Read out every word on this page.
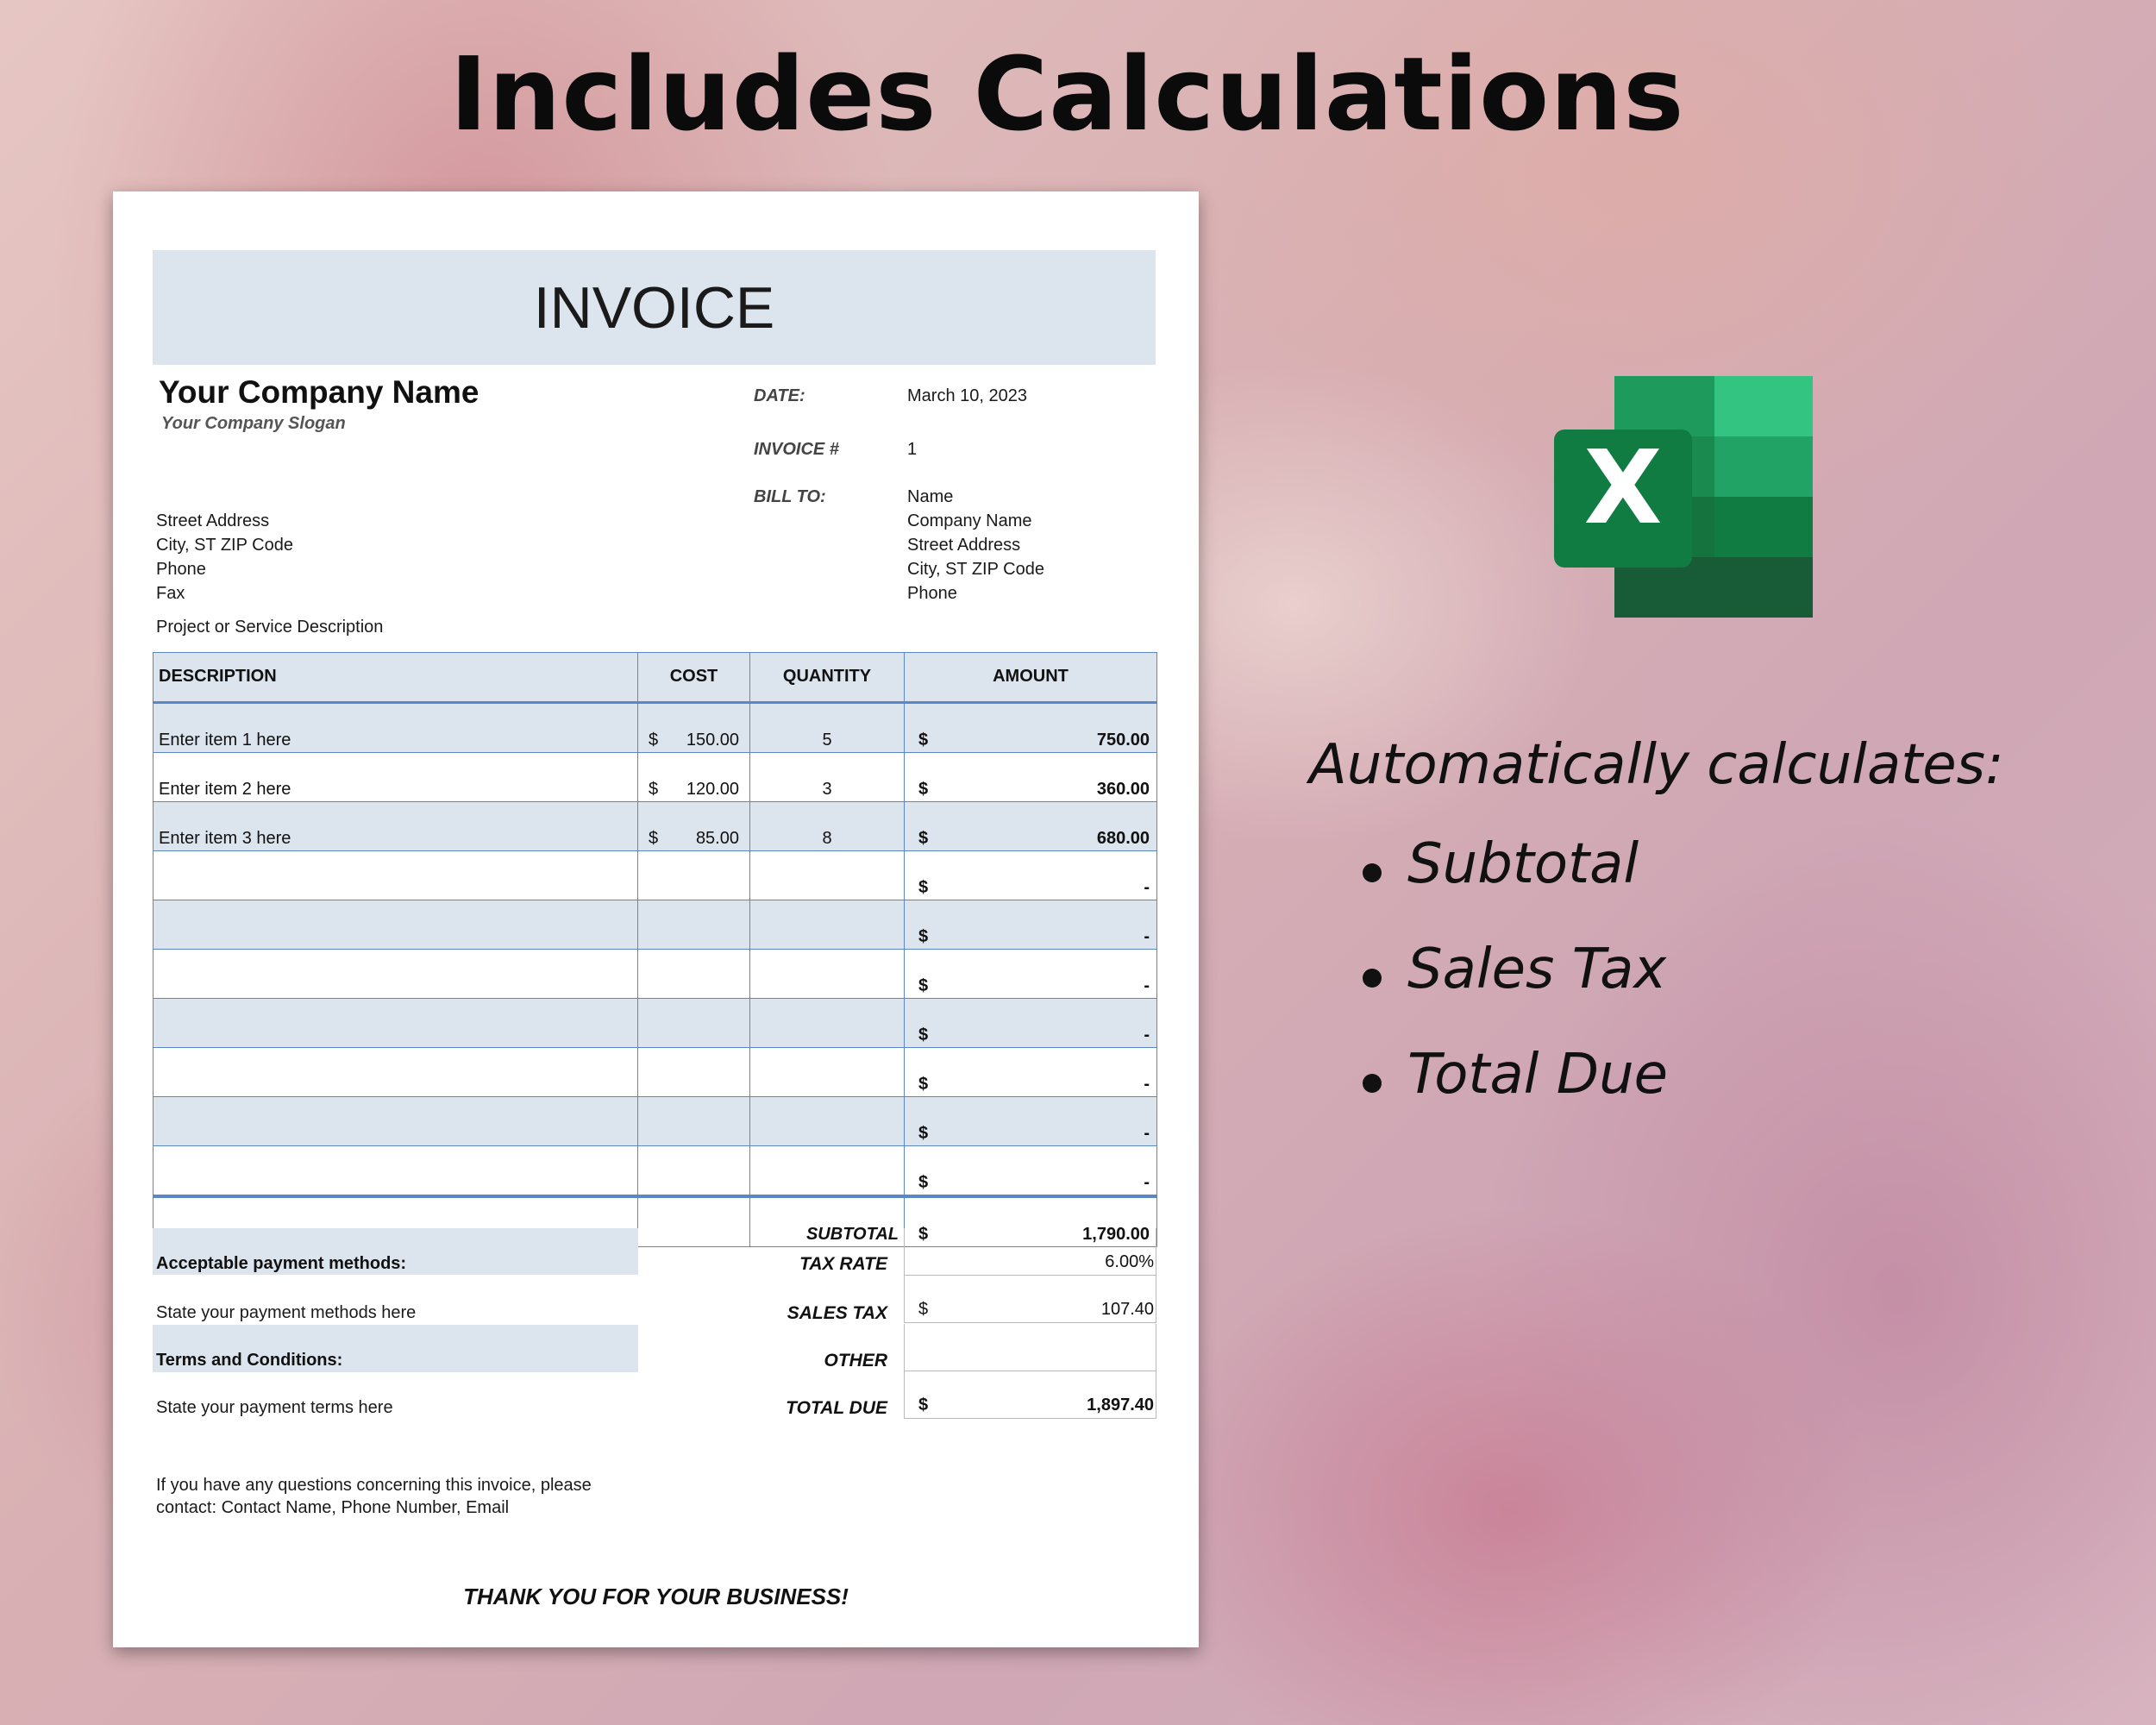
Includes Calculations
INVOICE
Your Company Name
Your Company Slogan
DATE:	March 10, 2023
INVOICE #	1
BILL TO:	Name
Company Name
Street Address
City, ST ZIP Code
Phone
Street Address
City, ST ZIP Code
Phone
Fax
Project or Service Description
DESCRIPTION	COST	QUANTITY	AMOUNT
Enter item 1 here	$ 150.00	5	$ 750.00

Enter item 2 here	$ 120.00	3	$ 360.00

Enter item 3 here	$ 85.00	8	$ 680.00

			$ -

			$ -

			$ -

			$ -

			$ -

			$ -

			$ -

		SUBTOTAL	$ 1,790.00
Acceptable payment methods:
State your payment methods here
Terms and Conditions:
State your payment terms here
TAX RATE	6.00%
SALES TAX $	107.40
OTHER
TOTAL DUE $	1,897.40
If you have any questions concerning this invoice, please
contact: Contact Name, Phone Number, Email
THANK YOU FOR YOUR BUSINESS!
X
Automatically calculates:
Subtotal
Sales Tax
Total Due
